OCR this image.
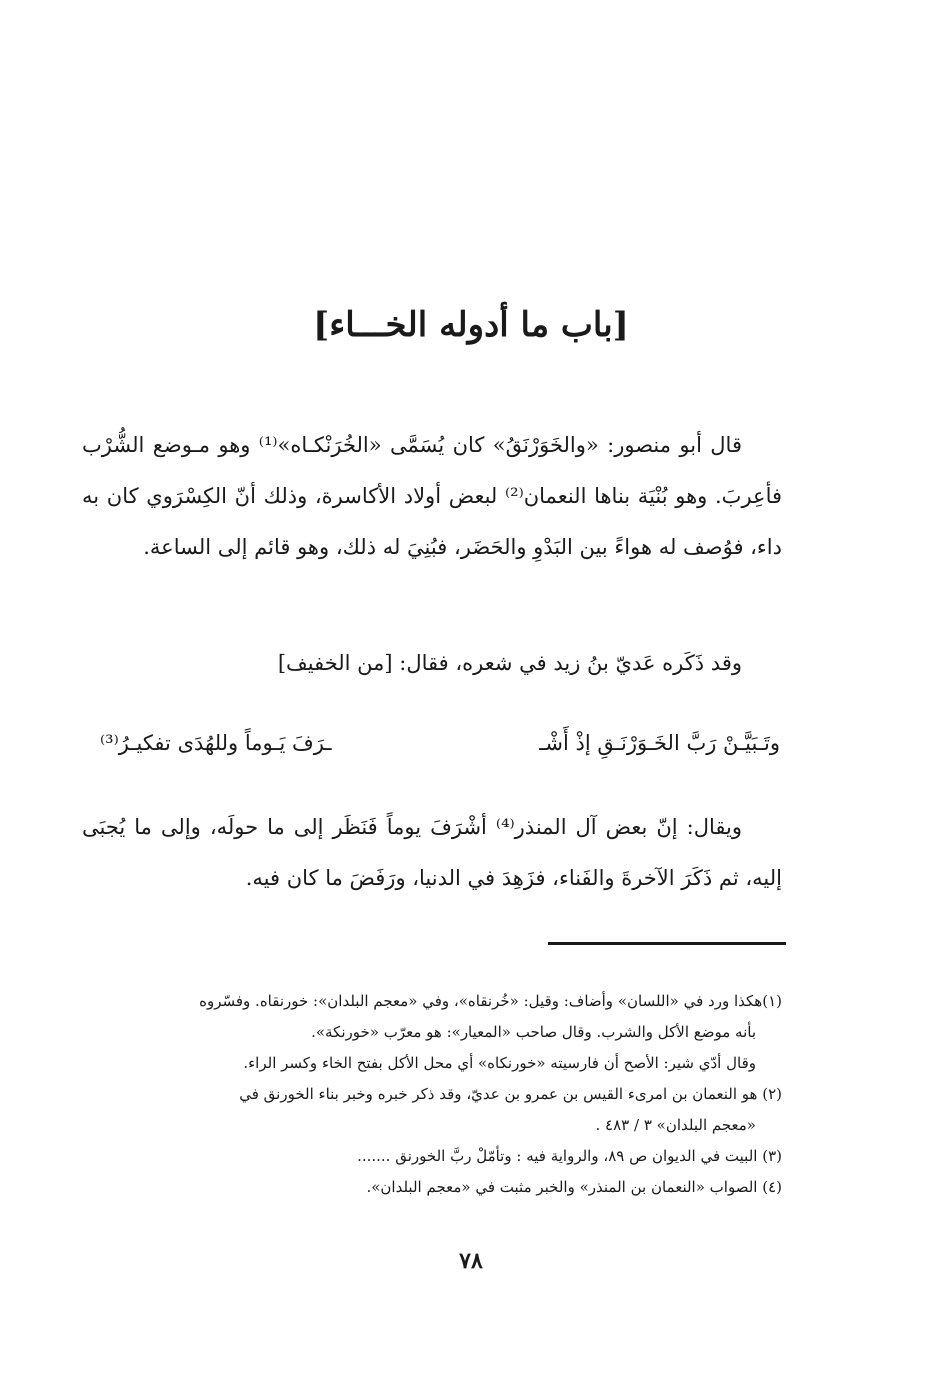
[باب ما أدوله الخـــاء]
قال أبو منصور: «والخَوَرْنَقُ» كان يُسَمَّى «الخُرَنْكـاه»⁽¹⁾ وهو مـوضع الشُّرْب فأعِربَ. وهو بُنْيَة بناها النعمان⁽²⁾ لبعض أولاد الأكاسرة، وذلك أنّ الكِسْرَوي كان به داء، فوُصف له هواءً بين البَدْوِ والحَضَر، فبُنِيَ له ذلك، وهو قائم إلى الساعة.
وقد ذَكَره عَديّ بنُ زيد في شعره، فقال: [من الخفيف]
وتَـبَيَّـنْ رَبَّ الخَـوَرْنَـقِ إذْ أَشْـ
ـرَفَ يَـوماً وللهُدَى تفكيـرُ⁽³⁾
ويقال: إنّ بعض آل المنذر⁽⁴⁾ أشْرَفَ يوماً فَنَظَر إلى ما حولَه، وإلى ما يُجبَى إليه، ثم ذَكَرَ الآخرةَ والفَناء، فزَهِدَ في الدنيا، ورَفَضَ ما كان فيه.
(١)هكذا ورد في «اللسان» وأضاف: وقيل: «خُرنقاه»، وفي «معجم البلدان»: خورنقاه. وفسّروه
بأنه موضع الأكل والشرب. وقال صاحب «المعيار»: هو معرّب «خورنكة».
وقال أدّي شير: الأصح أن فارسيته «خورنكاه» أي محل الأكل بفتح الخاء وكسر الراء.
(٢) هو النعمان بن امرىء القيس بن عمرو بن عديّ، وقد ذكر خبره وخبر بناء الخورنق في
«معجم البلدان» ٣ / ٤٨٣ .
(٣) البيت في الديوان ص ٨٩، والرواية فيه : وتأمّلْ ربَّ الخورنق .......
(٤) الصواب «النعمان بن المنذر» والخبر مثبت في «معجم البلدان».
٧٨
